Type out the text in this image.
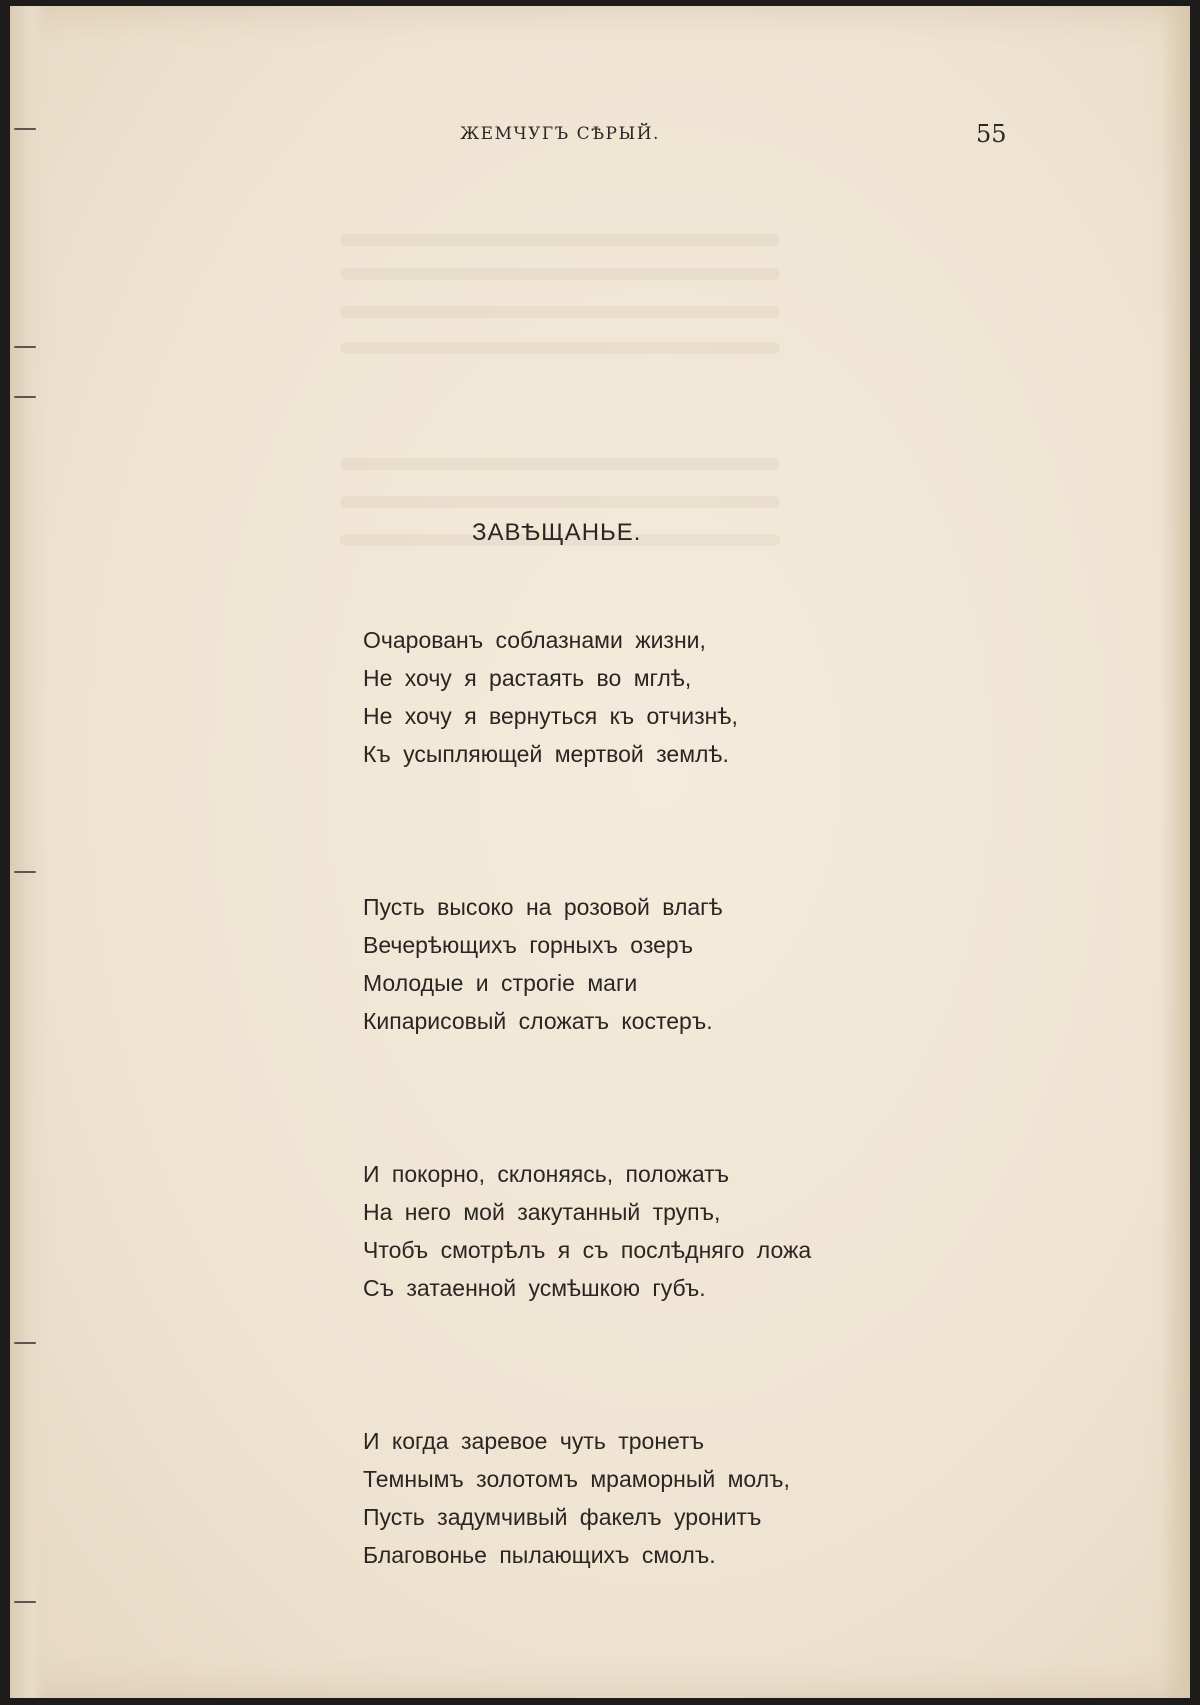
ЖЕМЧУГЪ СѢРЫЙ.	55
ЗАВѢЩАНЬЕ.
Очарованъ соблазнами жизни,
Не хочу я растаять во мглѣ,
Не хочу я вернуться къ отчизнѣ,
Къ усыпляющей мертвой землѣ.
Пусть высоко на розовой влагѣ
Вечерѣющихъ горныхъ озеръ
Молодые и строгіе маги
Кипарисовый сложатъ костеръ.
И покорно, склоняясь, положатъ
На него мой закутанный трупъ,
Чтобъ смотрѣлъ я съ послѣдняго ложа
Съ затаенной усмѣшкою губъ.
И когда заревое чуть тронетъ
Темнымъ золотомъ мраморный молъ,
Пусть задумчивый факелъ уронитъ
Благовонье пылающихъ смолъ.
